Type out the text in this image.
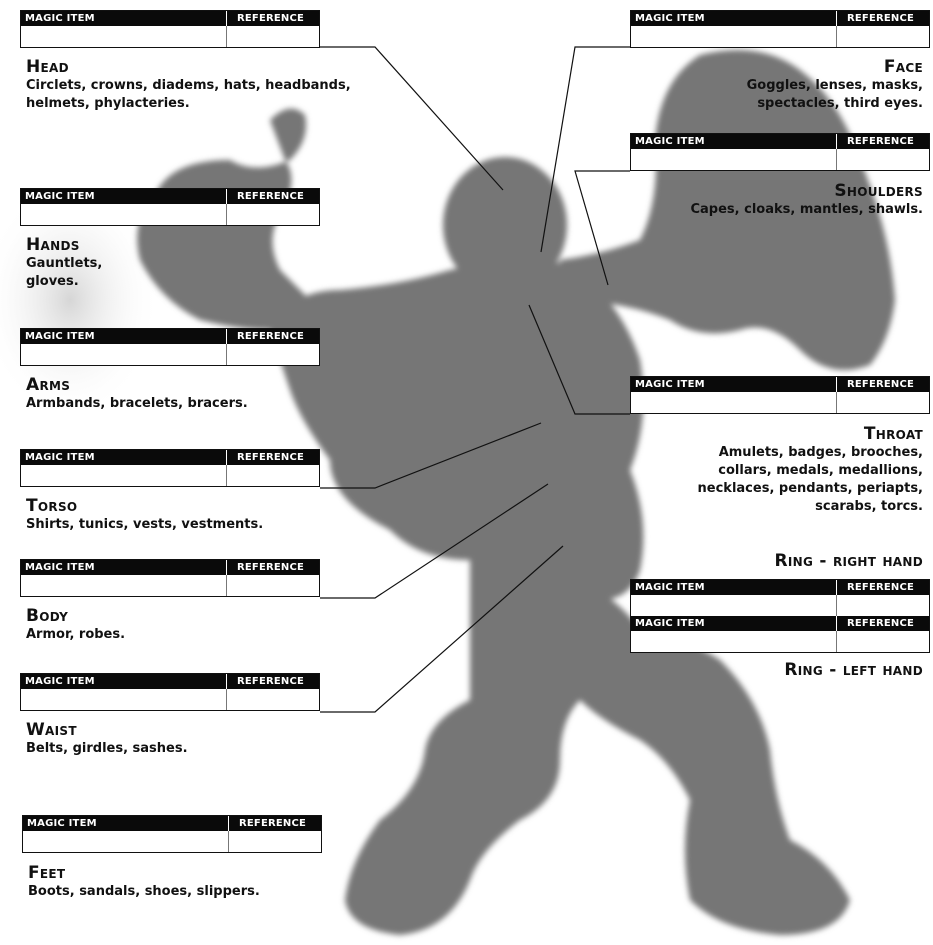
MAGIC ITEM	REFERENCE
Head
Circlets, crowns, diadems, hats, headbands,
helmets, phylacteries.
MAGIC ITEM	REFERENCE
Hands
Gauntlets,
gloves.
MAGIC ITEM	REFERENCE
Arms
Armbands, bracelets, bracers.
MAGIC ITEM	REFERENCE
Torso
Shirts, tunics, vests, vestments.
MAGIC ITEM	REFERENCE
Body
Armor, robes.
MAGIC ITEM	REFERENCE
Waist
Belts, girdles, sashes.
MAGIC ITEM	REFERENCE
Feet
Boots, sandals, shoes, slippers.
MAGIC ITEM	REFERENCE
Face
Goggles, lenses, masks,
spectacles, third eyes.
MAGIC ITEM	REFERENCE
Shoulders
Capes, cloaks, mantles, shawls.
MAGIC ITEM	REFERENCE
Throat
Amulets, badges, brooches,
collars, medals, medallions,
necklaces, pendants, periapts,
scarabs, torcs.
Ring - right hand
MAGIC ITEM	REFERENCE
MAGIC ITEM	REFERENCE
Ring - left hand
